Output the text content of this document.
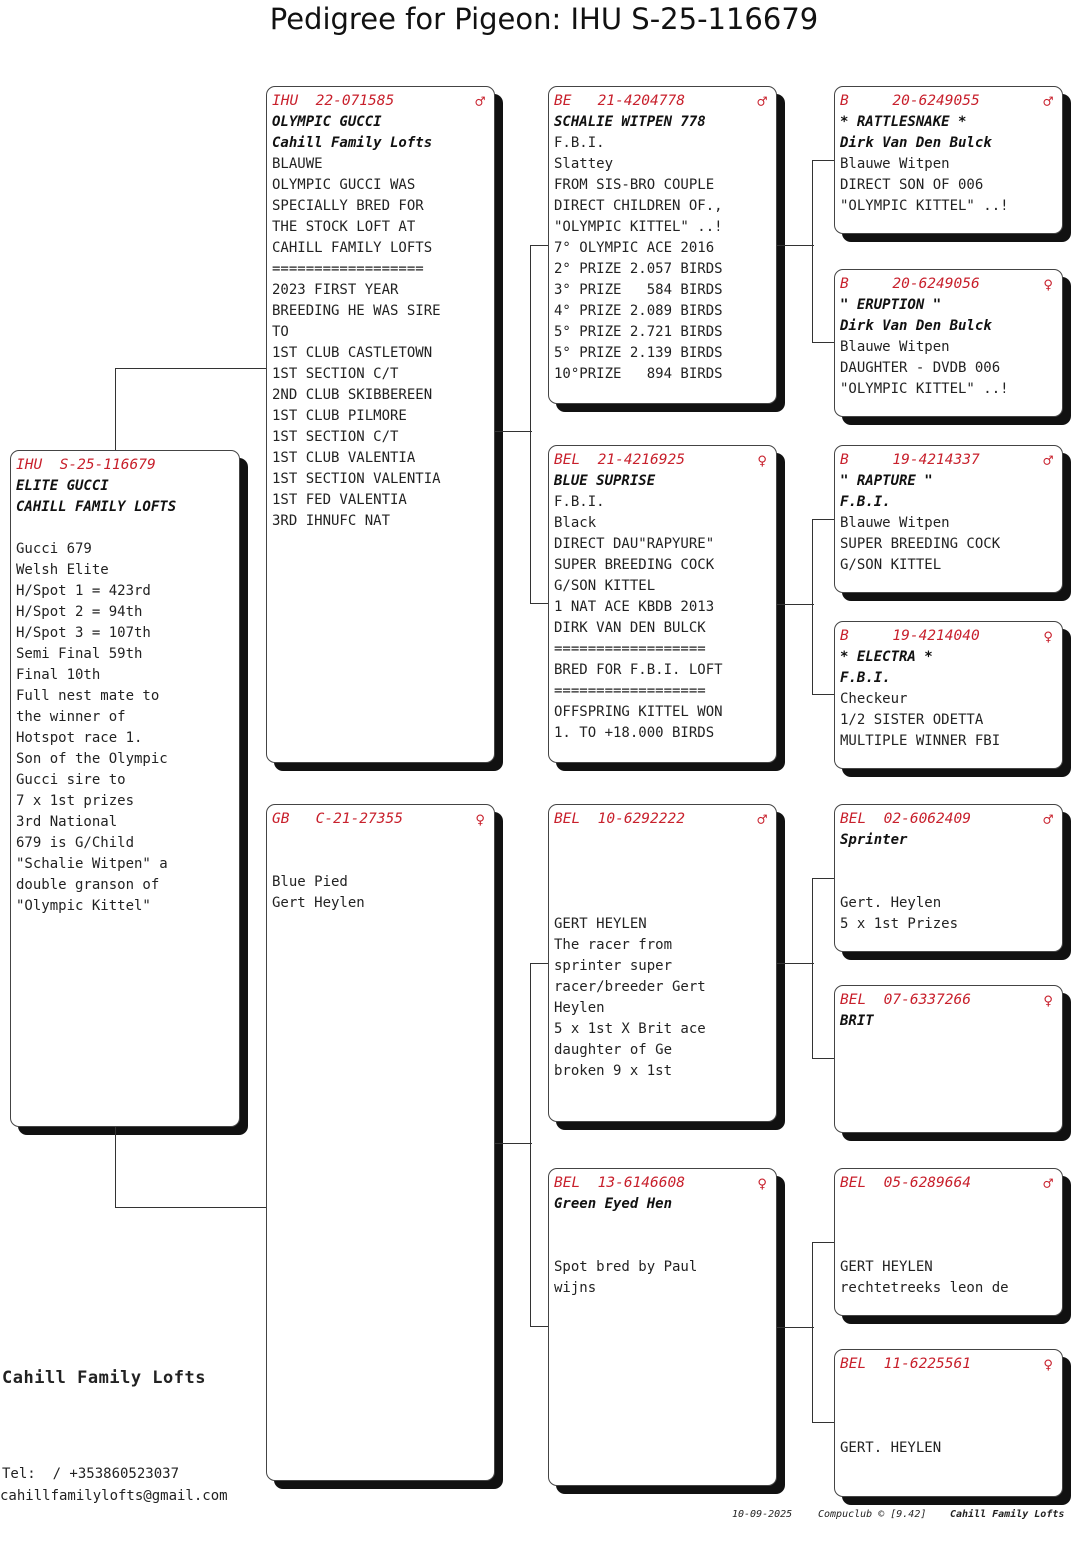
Pedigree for Pigeon: IHU S-25-116679
IHU  S-25-116679
ELITE GUCCI
CAHILL FAMILY LOFTS

Gucci 679
Welsh Elite
H/Spot 1 = 423rd
H/Spot 2 = 94th
H/Spot 3 = 107th
Semi Final 59th
Final 10th
Full nest mate to
the winner of
Hotspot race 1.
Son of the Olympic
Gucci sire to
7 x 1st prizes
3rd National
679 is G/Child
"Schalie Witpen" a
double granson of
"Olympic Kittel"
IHU  22-071585	♂
OLYMPIC GUCCI
Cahill Family Lofts
BLAUWE
OLYMPIC GUCCI WAS
SPECIALLY BRED FOR
THE STOCK LOFT AT
CAHILL FAMILY LOFTS
==================
2023 FIRST YEAR
BREEDING HE WAS SIRE
TO
1ST CLUB CASTLETOWN
1ST SECTION C/T
2ND CLUB SKIBBEREEN
1ST CLUB PILMORE
1ST SECTION C/T
1ST CLUB VALENTIA
1ST SECTION VALENTIA
1ST FED VALENTIA
3RD IHNUFC NAT
GB   C-21-27355	♀

Blue Pied
Gert Heylen
BE   21-4204778	♂
SCHALIE WITPEN 778
F.B.I.
Slattey
FROM SIS-BRO COUPLE
DIRECT CHILDREN OF.,
"OLYMPIC KITTEL" ..!
7° OLYMPIC ACE 2016
2° PRIZE 2.057 BIRDS
3° PRIZE   584 BIRDS
4° PRIZE 2.089 BIRDS
5° PRIZE 2.721 BIRDS
5° PRIZE 2.139 BIRDS
10°PRIZE   894 BIRDS
BEL  21-4216925	♀
BLUE SUPRISE
F.B.I.
Black
DIRECT DAU"RAPYURE"
SUPER BREEDING COCK
G/SON KITTEL
1 NAT ACE KBDB 2013
DIRK VAN DEN BULCK
==================
BRED FOR F.B.I. LOFT
==================
OFFSPRING KITTEL WON
1. TO +18.000 BIRDS
BEL  10-6292222	♂

GERT HEYLEN
The racer from
sprinter super
racer/breeder Gert
Heylen
5 x 1st X Brit ace
daughter of Ge
broken 9 x 1st
BEL  13-6146608	♀
Green Eyed Hen

Spot bred by Paul
wijns
B     20-6249055	♂
* RATTLESNAKE *
Dirk Van Den Bulck
Blauwe Witpen
DIRECT SON OF 006
"OLYMPIC KITTEL" ..!
B     20-6249056	♀
" ERUPTION "
Dirk Van Den Bulck
Blauwe Witpen
DAUGHTER - DVDB 006
"OLYMPIC KITTEL" ..!
B     19-4214337	♂
" RAPTURE "
F.B.I.
Blauwe Witpen
SUPER BREEDING COCK
G/SON KITTEL
B     19-4214040	♀
* ELECTRA *
F.B.I.
Checkeur
1/2 SISTER ODETTA
MULTIPLE WINNER FBI
BEL  02-6062409	♂
Sprinter

Gert. Heylen
5 x 1st Prizes
BEL  07-6337266	♀
BRIT
BEL  05-6289664	♂

GERT HEYLEN
rechtetreeks leon de
BEL  11-6225561	♀

GERT. HEYLEN
Cahill Family Lofts
Tel:  / +353860523037
cahillfamilylofts@gmail.com
10-09-2025	Compuclub © [9.42] Cahill Family Lofts
